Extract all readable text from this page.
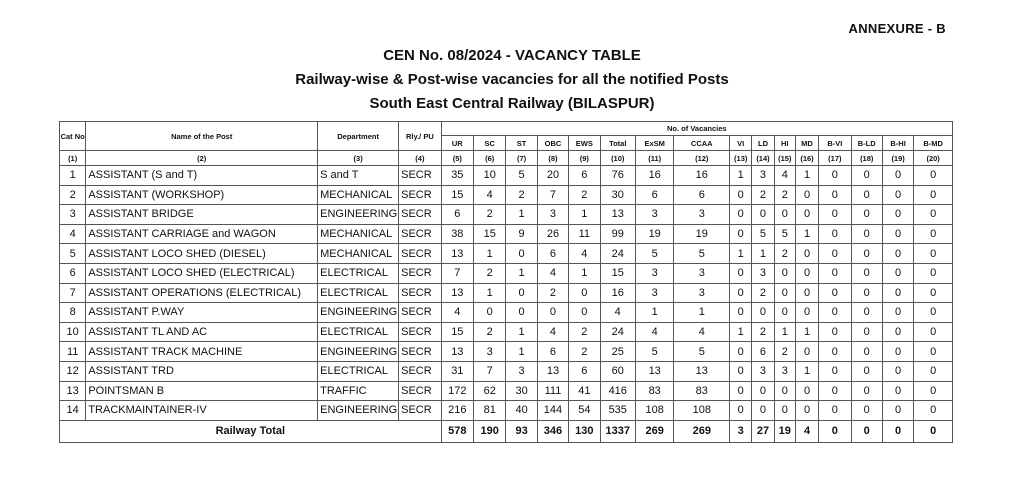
ANNEXURE - B
CEN No. 08/2024 - VACANCY TABLE
Railway-wise & Post-wise vacancies for all the notified Posts
South East Central Railway (BILASPUR)
Cat No	Name of the Post	Department	Rly./ PU	No. of Vacancies															
				UR	SC	ST	OBC	EWS	Total	ExSM	CCAA	VI	LD	HI	MD	B-VI	B-LD	B-HI	B-MD
(1)	(2)	(3)	(4)	(5)	(6)	(7)	(8)	(9)	(10)	(11)	(12)	(13)	(14)	(15)	(16)	(17)	(18)	(19)	(20)
1	ASSISTANT (S and T)	S and T	SECR	35	10	5	20	6	76	16	16	1	3	4	1	0	0	0	0
2	ASSISTANT (WORKSHOP)	MECHANICAL	SECR	15	4	2	7	2	30	6	6	0	2	2	0	0	0	0	0
3	ASSISTANT BRIDGE	ENGINEERING	SECR	6	2	1	3	1	13	3	3	0	0	0	0	0	0	0	0
4	ASSISTANT CARRIAGE and WAGON	MECHANICAL	SECR	38	15	9	26	11	99	19	19	0	5	5	1	0	0	0	0
5	ASSISTANT LOCO SHED (DIESEL)	MECHANICAL	SECR	13	1	0	6	4	24	5	5	1	1	2	0	0	0	0	0
6	ASSISTANT LOCO SHED (ELECTRICAL)	ELECTRICAL	SECR	7	2	1	4	1	15	3	3	0	3	0	0	0	0	0	0
7	ASSISTANT OPERATIONS (ELECTRICAL)	ELECTRICAL	SECR	13	1	0	2	0	16	3	3	0	2	0	0	0	0	0	0
8	ASSISTANT P.WAY	ENGINEERING	SECR	4	0	0	0	0	4	1	1	0	0	0	0	0	0	0	0
10	ASSISTANT TL AND AC	ELECTRICAL	SECR	15	2	1	4	2	24	4	4	1	2	1	1	0	0	0	0
11	ASSISTANT TRACK MACHINE	ENGINEERING	SECR	13	3	1	6	2	25	5	5	0	6	2	0	0	0	0	0
12	ASSISTANT TRD	ELECTRICAL	SECR	31	7	3	13	6	60	13	13	0	3	3	1	0	0	0	0
13	POINTSMAN B	TRAFFIC	SECR	172	62	30	111	41	416	83	83	0	0	0	0	0	0	0	0
14	TRACKMAINTAINER-IV	ENGINEERING	SECR	216	81	40	144	54	535	108	108	0	0	0	0	0	0	0	0
Railway Total				578	190	93	346	130	1337	269	269	3	27	19	4	0	0	0	0
